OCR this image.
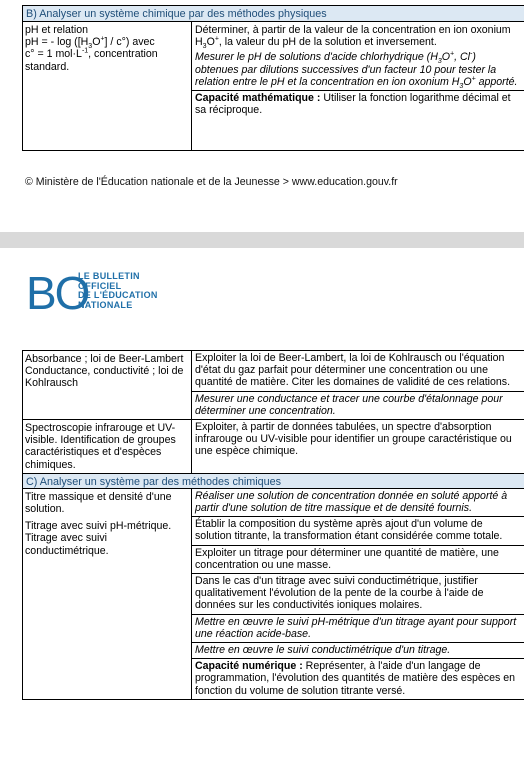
B) Analyser un système chimique par des méthodes physiques
pH et relation
pH = - $\log ([H_3O^+] / c^\circ)$ avec
c° = 1 $mol\cdot L^{-1}$, concentration
standard.
Déterminer, à partir de la valeur de la concentration en ion oxonium $H_3O^+$, la valeur du pH de la solution et inversement.
Mesurer le pH de solutions d'acide chlorhydrique ($H_3O^+$, Cl-) obtenues par dilutions successives d'un facteur 10 pour tester la relation entre le pH et la concentration en ion oxonium $H_3O^+$ apporté.
Capacité mathématique : Utiliser la fonction logarithme décimal et sa réciproque.
© Ministère de l'Éducation nationale et de la Jeunesse > www.education.gouv.fr
BO
LE BULLETIN
OFFICIEL
DE L'ÉDUCATION
NATIONALE
Absorbance ; loi de Beer-Lambert
Conductance, conductivité ; loi de Kohlrausch
Exploiter la loi de Beer-Lambert, la loi de Kohlrausch ou l'équation d'état du gaz parfait pour déterminer une concentration ou une quantité de matière. Citer les domaines de validité de ces relations.
Mesurer une conductance et tracer une courbe d'étalonnage pour déterminer une concentration.
Spectroscopie infrarouge et UV-visible. Identification de groupes caractéristiques et d'espèces chimiques.
Exploiter, à partir de données tabulées, un spectre d'absorption infrarouge ou UV-visible pour identifier un groupe caractéristique ou une espèce chimique.
C) Analyser un système par des méthodes chimiques
Titre massique et densité d'une solution.
Titrage avec suivi pH-métrique.
Titrage avec suivi conductimétrique.
Réaliser une solution de concentration donnée en soluté apporté à partir d'une solution de titre massique et de densité fournis.
Établir la composition du système après ajout d'un volume de solution titrante, la transformation étant considérée comme totale.
Exploiter un titrage pour déterminer une quantité de matière, une concentration ou une masse.
Dans le cas d'un titrage avec suivi conductimétrique, justifier qualitativement l'évolution de la pente de la courbe à l'aide de données sur les conductivités ioniques molaires.
Mettre en œuvre le suivi pH-métrique d'un titrage ayant pour support une réaction acide-base.
Mettre en œuvre le suivi conductimétrique d'un titrage.
Capacité numérique : Représenter, à l'aide d'un langage de programmation, l'évolution des quantités de matière des espèces en fonction du volume de solution titrante versé.
